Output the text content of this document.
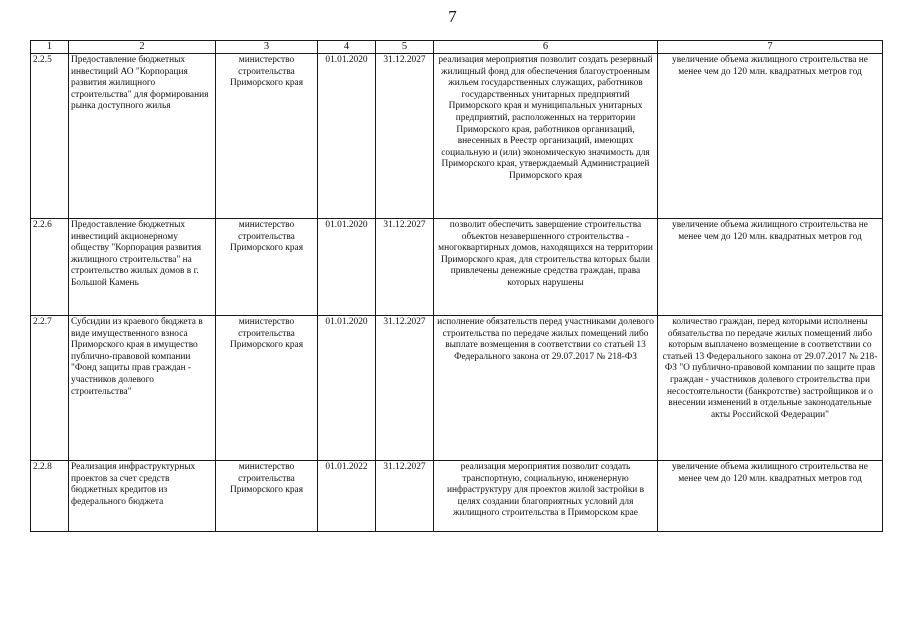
7
1	2	3	4	5	6	7
2.2.5	Предоставление бюджетных инвестиций АО "Корпорация развития жилищного строительства" для формирования рынка доступного жилья	министерство строительства Приморского края	01.01.2020	31.12.2027	реализация мероприятия позволит создать резервный жилищный фонд для обеспечения благоустроенным жильем государственных служащих, работников государственных унитарных предприятий Приморского края и муниципальных унитарных предприятий, расположенных на территории Приморского края, работников организаций, внесенных в Реестр организаций, имеющих социальную и (или) экономическую значимость для Приморского края, утверждаемый Администрацией Приморского края	увеличение объема жилищного строительства не менее чем до 120 млн. квадратных метров год
2.2.6	Предоставление бюджетных инвестиций акционерному обществу "Корпорация развития жилищного строительства" на строительство жилых домов в г. Большой Камень	министерство строительства Приморского края	01.01.2020	31.12.2027	позволит обеспечить завершение строительства объектов незавершенного строительства - многоквартирных домов, находящихся на территории Приморского края, для строительства которых были привлечены денежные средства граждан, права которых нарушены	увеличение объема жилищного строительства не менее чем до 120 млн. квадратных метров год
2.2.7	Субсидии из краевого бюджета в виде имущественного взноса Приморского края в имущество публично-правовой компании "Фонд защиты прав граждан - участников долевого строительства"	министерство строительства Приморского края	01.01.2020	31.12.2027	исполнение обязательств перед участниками долевого строительства по передаче жилых помещений либо выплате возмещения в соответствии со статьей 13 Федерального закона от 29.07.2017 № 218-ФЗ	количество граждан, перед которыми исполнены обязательства по передаче жилых помещений либо которым выплачено возмещение в соответствии со статьей 13 Федерального закона от 29.07.2017 № 218-ФЗ "О публично-правовой компании по защите прав граждан - участников долевого строительства при несостоятельности (банкротстве) застройщиков и о внесении изменений в отдельные законодательные акты Российской Федерации"
2.2.8	Реализация инфраструктурных проектов за счет средств бюджетных кредитов из федерального бюджета	министерство строительства Приморского края	01.01.2022	31.12.2027	реализация мероприятия позволит создать транспортную, социальную, инженерную инфраструктуру для проектов жилой застройки в целях создании благоприятных условий для жилищного строительства в Приморском крае	увеличение объема жилищного строительства не менее чем до 120 млн. квадратных метров год
